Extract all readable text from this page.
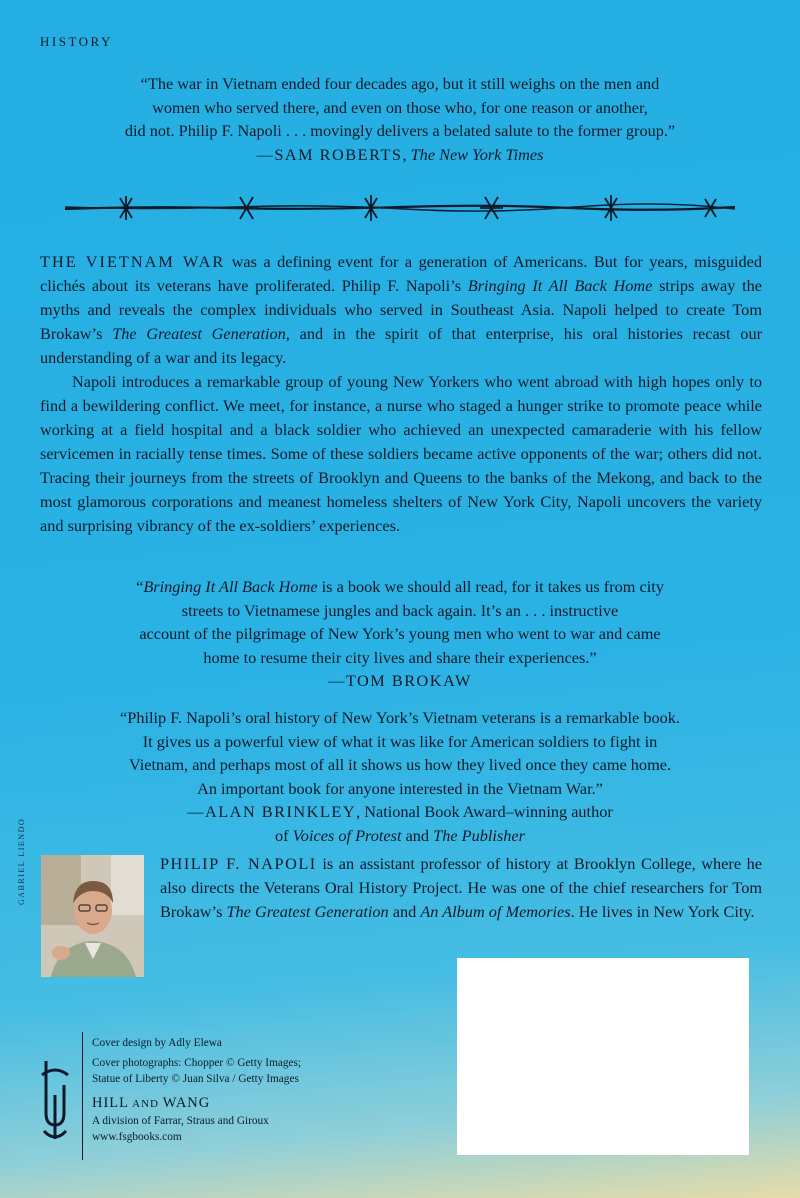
HISTORY

“The war in Vietnam ended four decades ago, but it still weighs on the men and

women who served there, and even on those who, for one reason or another,

did not. Philip F. Napoli . . . movingly delivers a belated salute to the former group.”

—SAM ROBERTS, The New York Times

THE VIETNAM WAR was a defining event for a generation of Americans. But for years, misguided clichés about its veterans have proliferated. Philip F. Napoli’s Bringing It All Back Home strips away the myths and reveals the complex individuals who served in Southeast Asia. Napoli helped to create Tom Brokaw’s The Greatest Generation, and in the spirit of that enterprise, his oral histories recast our understanding of a war and its legacy.

Napoli introduces a remarkable group of young New Yorkers who went abroad with high hopes only to find a bewildering conflict. We meet, for instance, a nurse who staged a hunger strike to promote peace while working at a field hospital and a black soldier who achieved an unexpected camaraderie with his fellow servicemen in racially tense times. Some of these soldiers became active opponents of the war; others did not. Tracing their journeys from the streets of Brooklyn and Queens to the banks of the Mekong, and back to the most glamorous corporations and meanest homeless shelters of New York City, Napoli uncovers the variety and surprising vibrancy of the ex-soldiers’ experiences.

“Bringing It All Back Home is a book we should all read, for it takes us from city

streets to Vietnamese jungles and back again. It’s an . . . instructive

account of the pilgrimage of New York’s young men who went to war and came

home to resume their city lives and share their experiences.”

—TOM BROKAW

“Philip F. Napoli’s oral history of New York’s Vietnam veterans is a remarkable book.

It gives us a powerful view of what it was like for American soldiers to fight in

Vietnam, and perhaps most of all it shows us how they lived once they came home.

An important book for anyone interested in the Vietnam War.”

—ALAN BRINKLEY, National Book Award–winning author

of Voices of Protest and The Publisher

GABRIEL LIENDO	PHILIP F. NAPOLI is an assistant professor of history at Brooklyn College, where he also directs the Veterans Oral History Project. He was one of the chief researchers for Tom Brokaw’s The Greatest Generation and An Album of Memories. He lives in New York City.

Cover design by Adly Elewa

Cover photographs: Chopper © Getty Images;

Statue of Liberty © Juan Silva / Getty Images

HILL AND WANG

A division of Farrar, Straus and Giroux

www.fsgbooks.com
